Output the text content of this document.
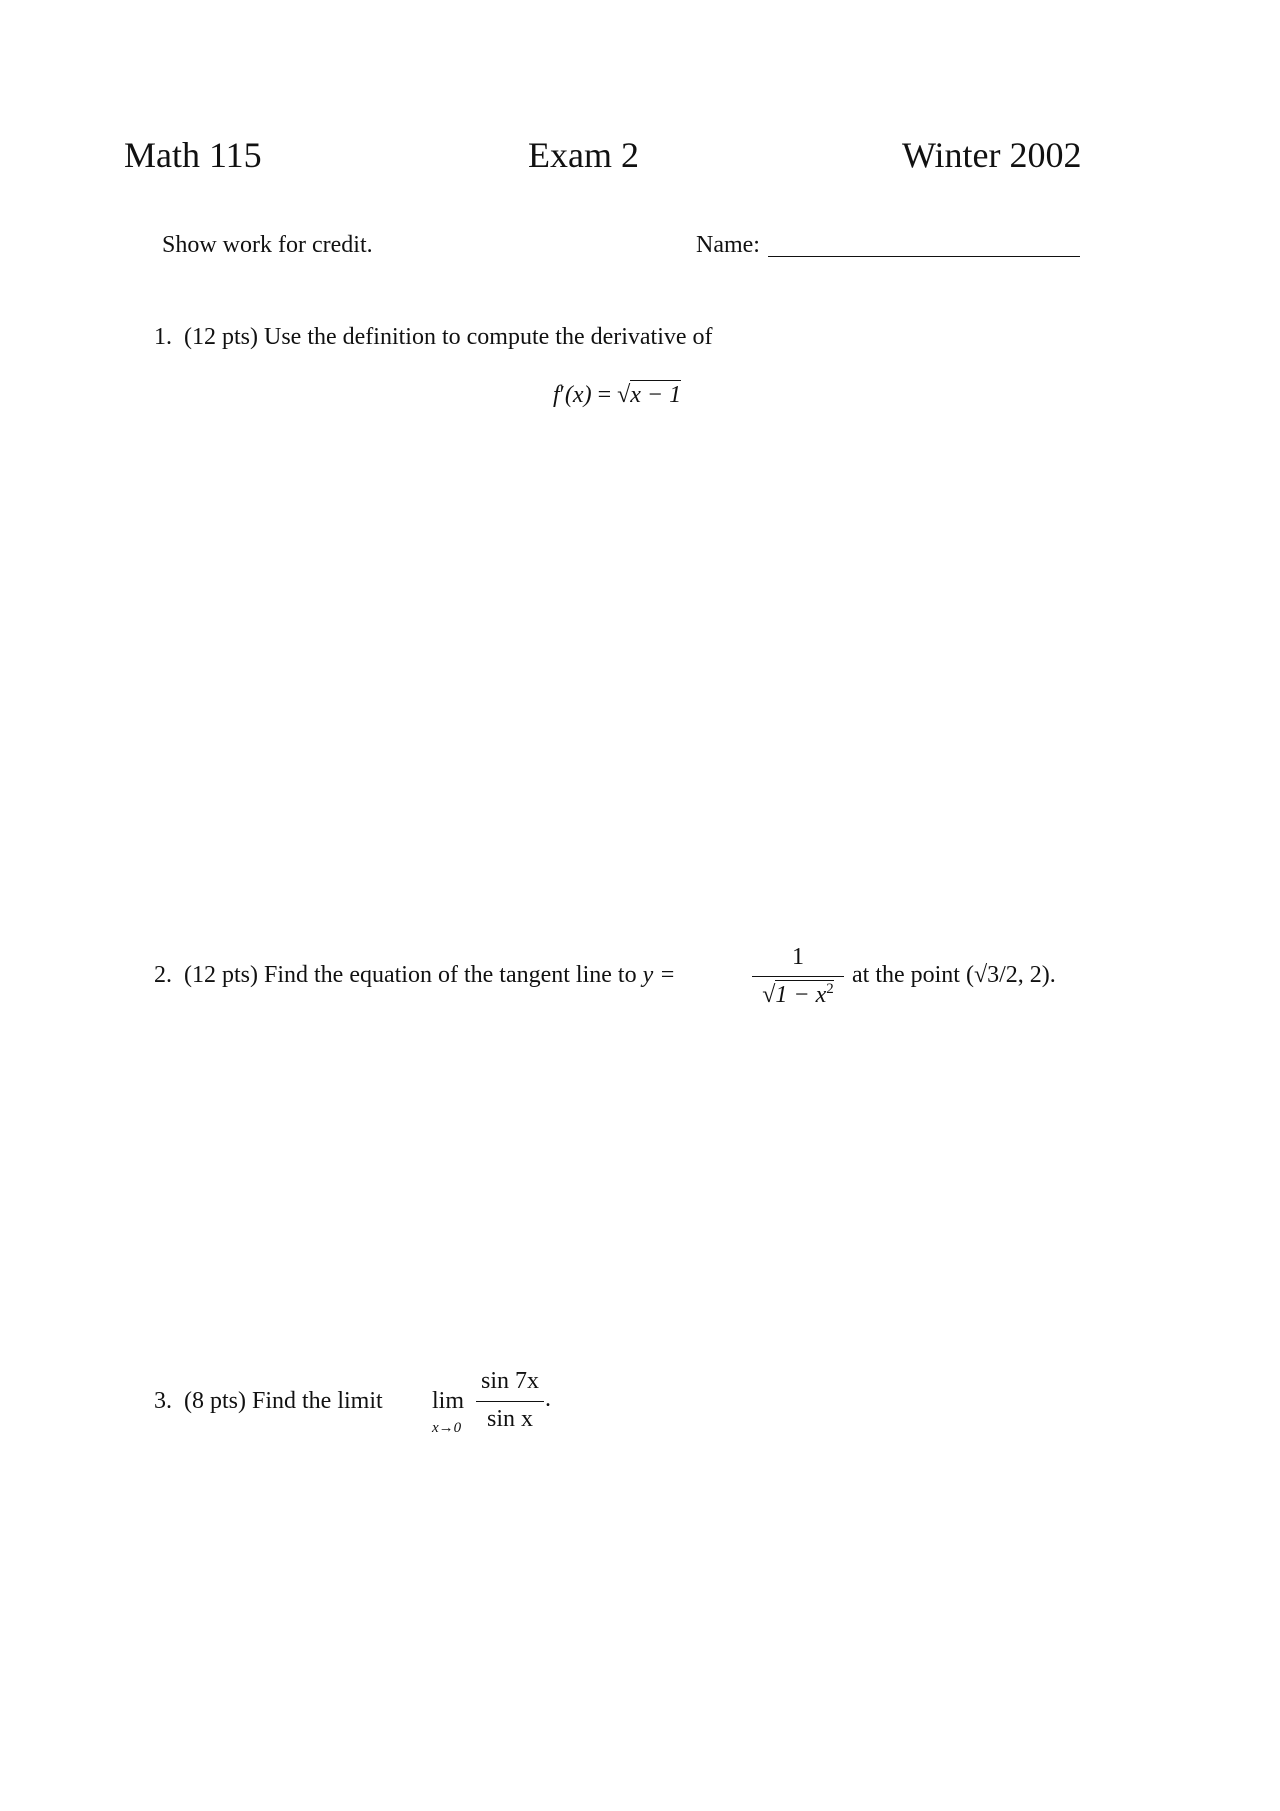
Math 115	Exam 2	Winter 2002
Show work for credit.	Name:
1. (12 pts) Use the definition to compute the derivative of
f′(x) = √x − 1
2. (12 pts) Find the equation of the tangent line to y =
1
$√1 - x^2$
at the point (√3/2, 2).
3. (8 pts) Find the limit lim
x→0
sin 7x
sin x
.
